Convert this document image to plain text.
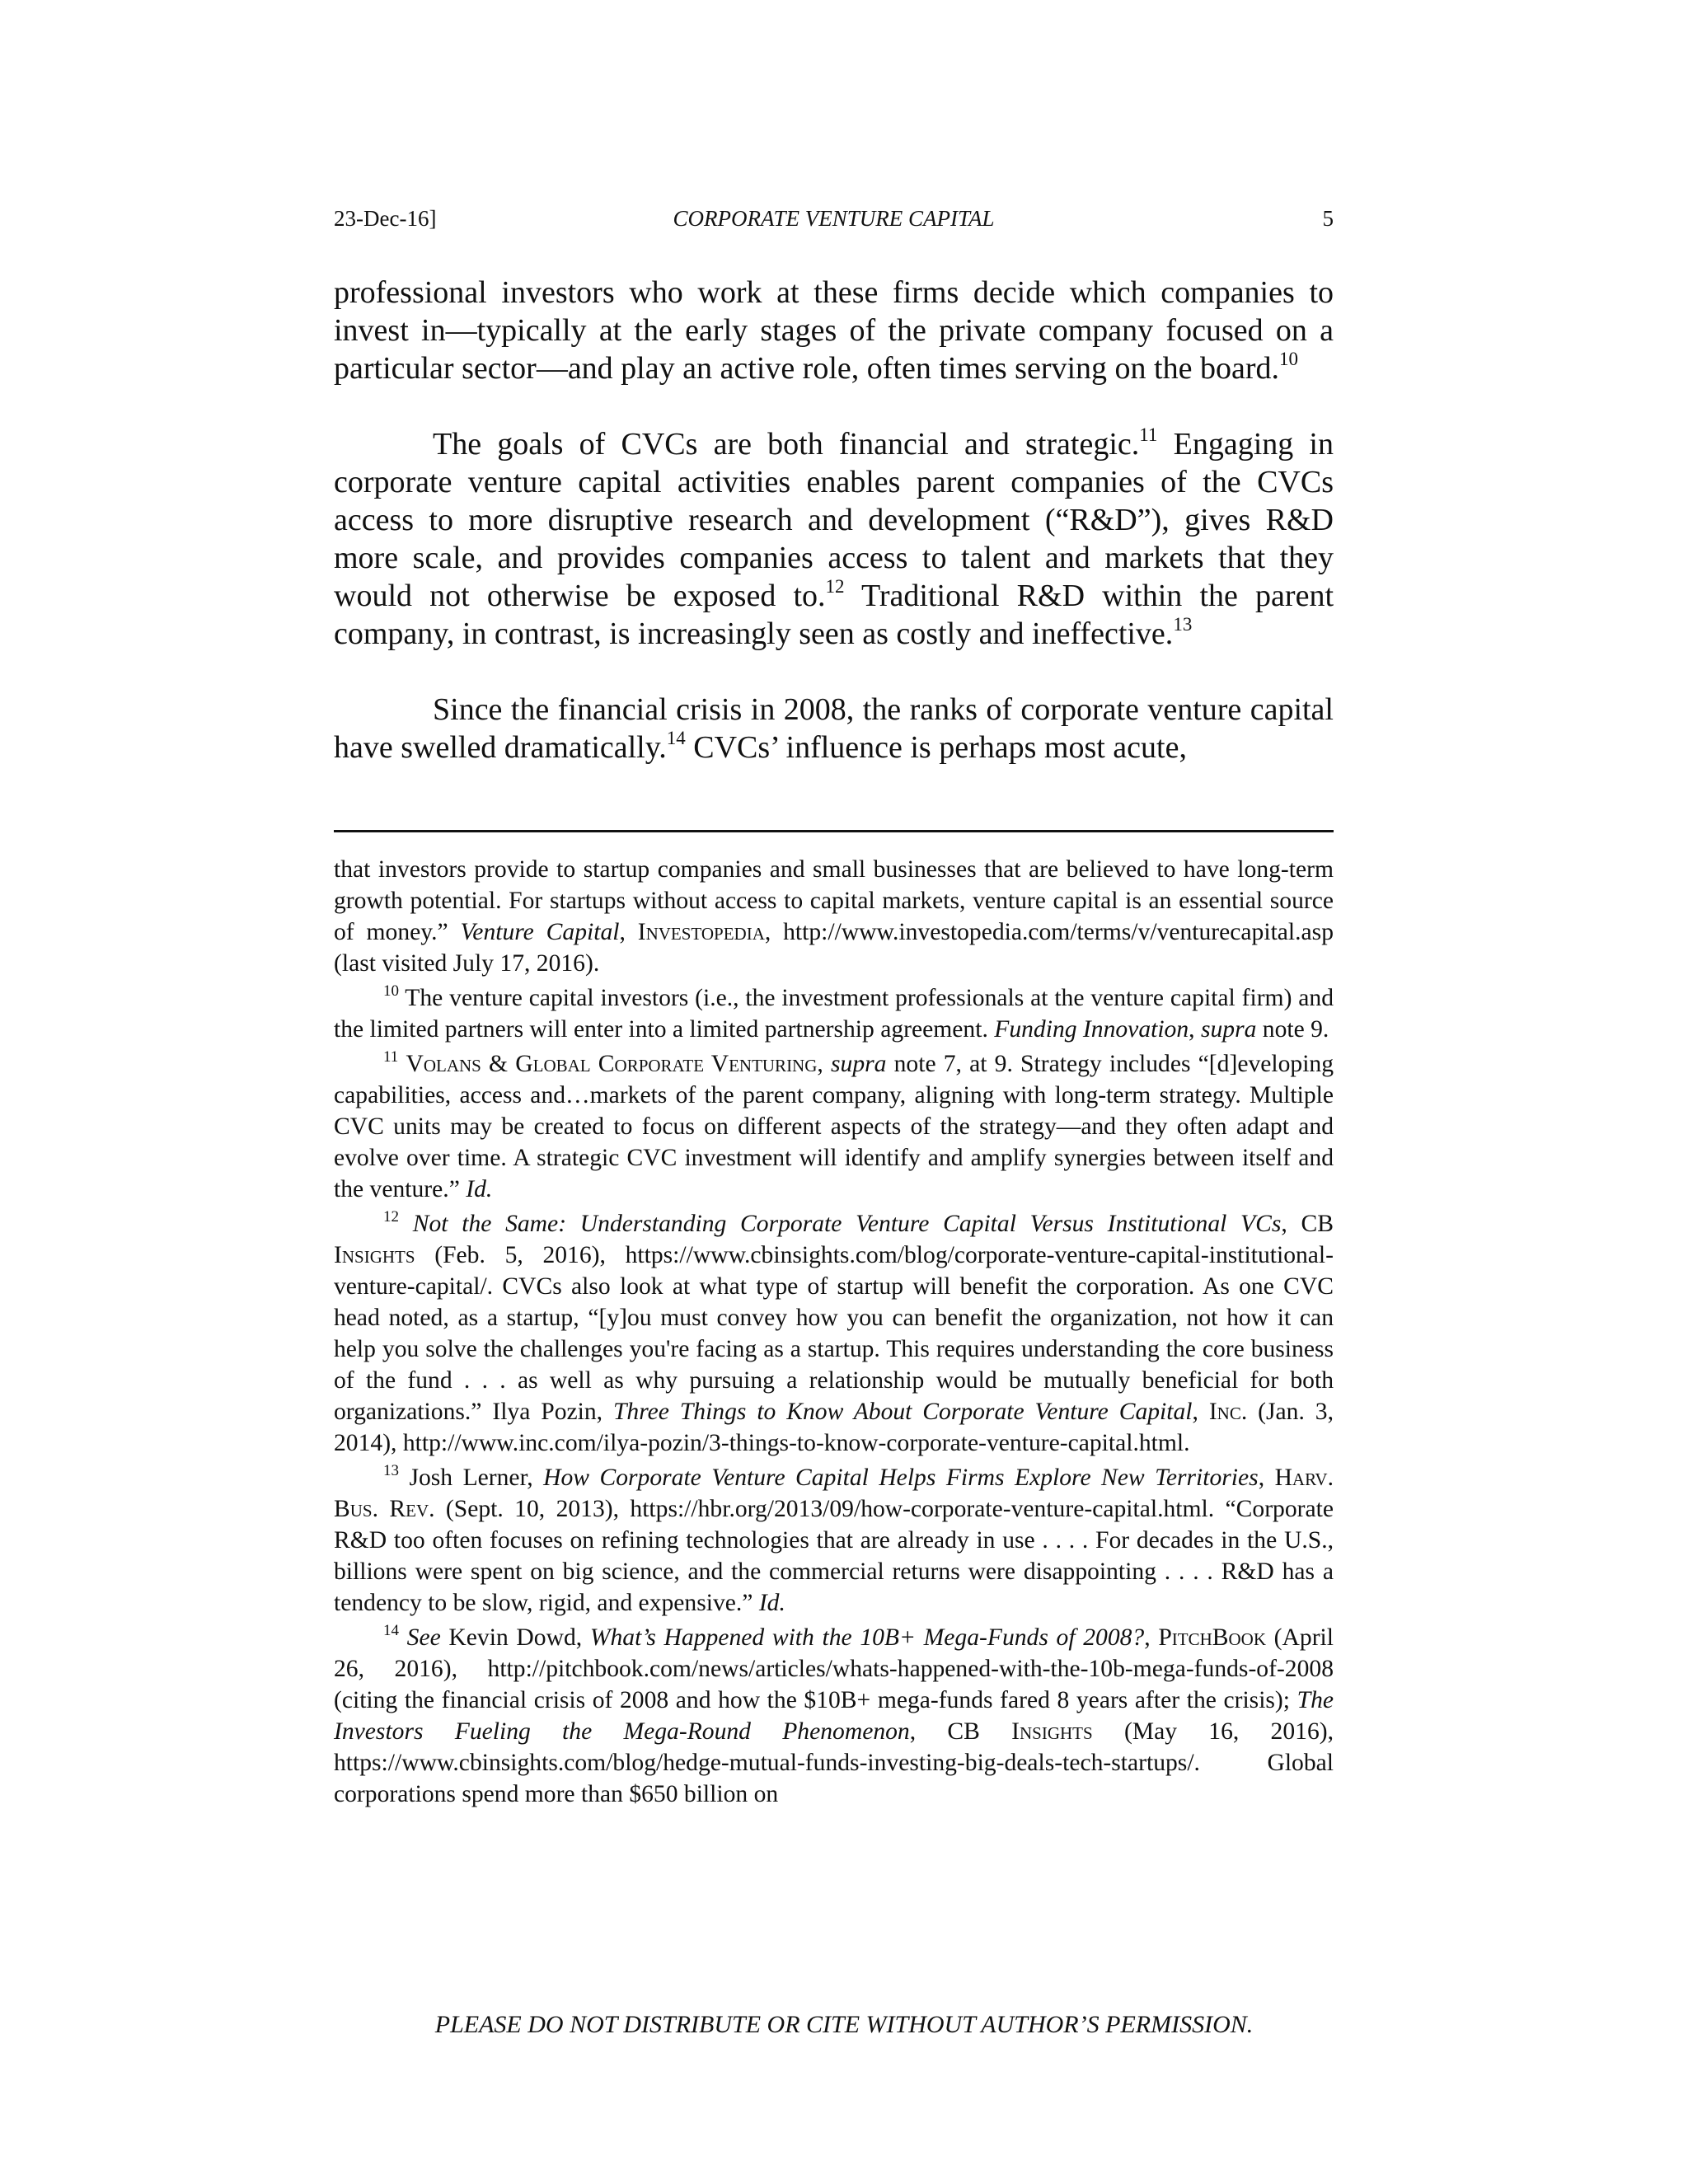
23-Dec-16]	CORPORATE VENTURE CAPITAL	5

professional investors who work at these firms decide which companies to invest in—typically at the early stages of the private company focused on a particular sector—and play an active role, often times serving on the board.$^{10}$

The goals of CVCs are both financial and strategic.$^{11}$ Engaging in corporate venture capital activities enables parent companies of the CVCs access to more disruptive research and development (“R&D”), gives R&D more scale, and provides companies access to talent and markets that they would not otherwise be exposed to.$^{12}$ Traditional R&D within the parent company, in contrast, is increasingly seen as costly and ineffective.$^{13}$

Since the financial crisis in 2008, the ranks of corporate venture capital have swelled dramatically.$^{14}$ CVCs’ influence is perhaps most acute,

that investors provide to startup companies and small businesses that are believed to have long-term growth potential. For startups without access to capital markets, venture capital is an essential source of money.” Venture Capital, Investopedia, http://www.investopedia.com/terms/v/venturecapital.asp (last visited July 17, 2016).

$^{10}$ The venture capital investors (i.e., the investment professionals at the venture capital firm) and the limited partners will enter into a limited partnership agreement. Funding Innovation, supra note 9.

$^{11}$ Volans & Global Corporate Venturing, supra note 7, at 9. Strategy includes “[d]eveloping capabilities, access and…markets of the parent company, aligning with long-term strategy. Multiple CVC units may be created to focus on different aspects of the strategy—and they often adapt and evolve over time. A strategic CVC investment will identify and amplify synergies between itself and the venture.” Id.

$^{12}$ Not the Same: Understanding Corporate Venture Capital Versus Institutional VCs, CB Insights (Feb. 5, 2016), https://www.cbinsights.com/blog/corporate-venture-capital-institutional-venture-capital/. CVCs also look at what type of startup will benefit the corporation. As one CVC head noted, as a startup, “[y]ou must convey how you can benefit the organization, not how it can help you solve the challenges you're facing as a startup. This requires understanding the core business of the fund . . . as well as why pursuing a relationship would be mutually beneficial for both organizations.” Ilya Pozin, Three Things to Know About Corporate Venture Capital, Inc. (Jan. 3, 2014), http://www.inc.com/ilya-pozin/3-things-to-know-corporate-venture-capital.html.

$^{13}$ Josh Lerner, How Corporate Venture Capital Helps Firms Explore New Territories, Harv. Bus. Rev. (Sept. 10, 2013), https://hbr.org/2013/09/how-corporate-venture-capital.html. “Corporate R&D too often focuses on refining technologies that are already in use . . . . For decades in the U.S., billions were spent on big science, and the commercial returns were disappointing . . . . R&D has a tendency to be slow, rigid, and expensive.” Id.

$^{14}$ See Kevin Dowd, What’s Happened with the 10B+ Mega-Funds of 2008?, PitchBook (April 26, 2016), http://pitchbook.com/news/articles/whats-happened-with-the-10b-mega-funds-of-2008 (citing the financial crisis of 2008 and how the $10B+ mega-funds fared 8 years after the crisis); The Investors Fueling the Mega-Round Phenomenon, CB Insights (May 16, 2016), https://www.cbinsights.com/blog/hedge-mutual-funds-investing-big-deals-tech-startups/. Global corporations spend more than $650 billion on

PLEASE DO NOT DISTRIBUTE OR CITE WITHOUT AUTHOR’S PERMISSION.
